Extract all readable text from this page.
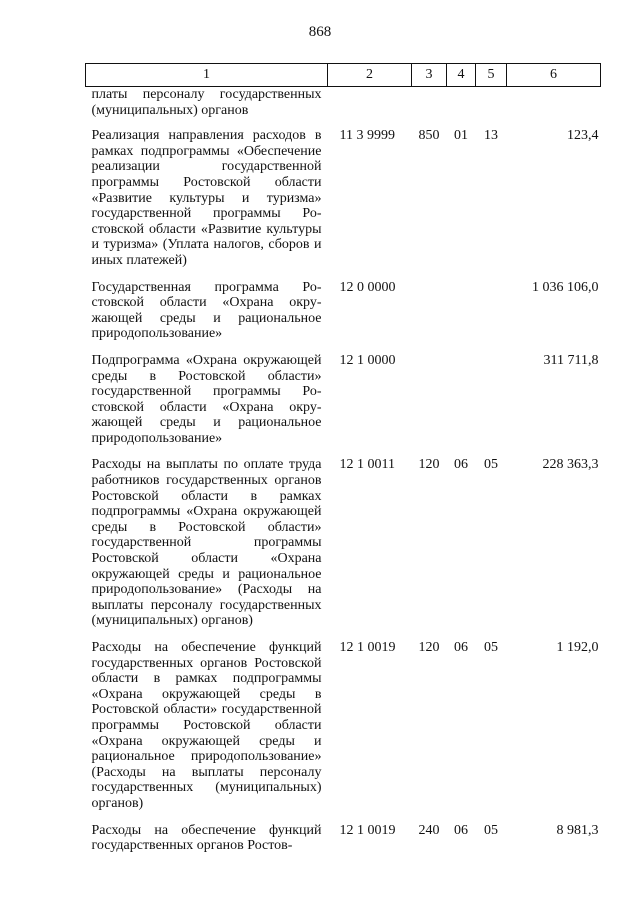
868
1	2	3	4	5	6
платы персоналу государственных (муниципальных) органов					
Реализация направления расходов в рамках подпрограммы «Обеспечение реализации государственной программы Ростовской области «Развитие культуры и туризма» государственной программы Ростовской области «Развитие культуры и туризма» (Уплата налогов, сборов и иных платежей)	11 3 9999	850	01	13	123,4
Государственная программа Ростовской области «Охрана окружающей среды и рациональное природопользование»	12 0 0000				1 036 106,0
Подпрограмма «Охрана окружающей среды в Ростовской области» государственной программы Ростовской области «Охрана окружающей среды и рациональное природопользование»	12 1 0000				311 711,8
Расходы на выплаты по оплате труда работников государственных органов Ростовской области в рамках подпрограммы «Охрана окружающей среды в Ростовской области» государственной программы Ростовской области «Охрана окружающей среды и рациональное природопользование» (Расходы на выплаты персоналу государственных (муниципальных) органов)	12 1 0011	120	06	05	228 363,3
Расходы на обеспечение функций государственных органов Ростовской области в рамках подпрограммы «Охрана окружающей среды в Ростовской области» государственной программы Ростовской области «Охрана окружающей среды и рациональное природопользование» (Расходы на выплаты персоналу государственных (муниципальных) органов)	12 1 0019	120	06	05	1 192,0
Расходы на обеспечение функций государственных органов Ростов-	12 1 0019	240	06	05	8 981,3
